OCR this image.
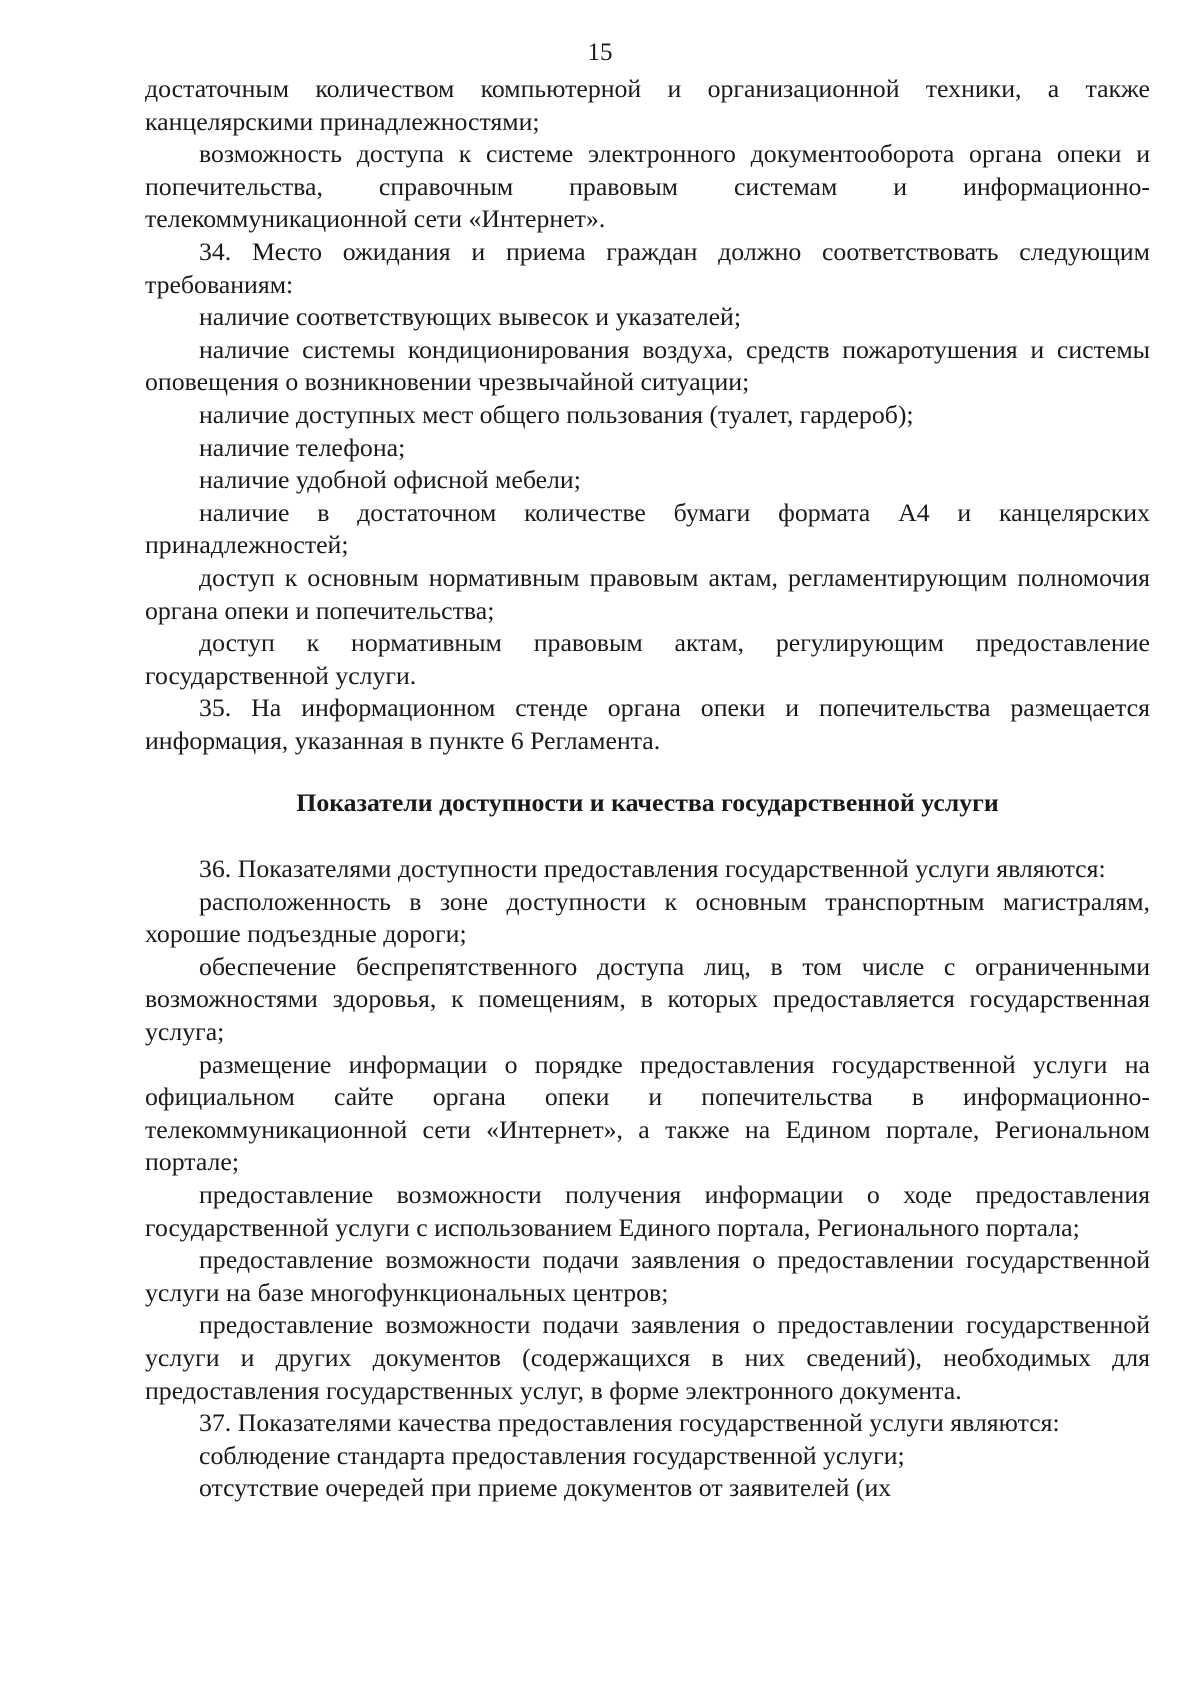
15

достаточным количеством компьютерной и организационной техники, а также канцелярскими принадлежностями;

возможность доступа к системе электронного документооборота органа опеки и попечительства, справочным правовым системам и информационно-телекоммуникационной сети «Интернет».

34. Место ожидания и приема граждан должно соответствовать следующим требованиям:

наличие соответствующих вывесок и указателей;

наличие системы кондиционирования воздуха, средств пожаротушения и системы оповещения о возникновении чрезвычайной ситуации;

наличие доступных мест общего пользования (туалет, гардероб);

наличие телефона;

наличие удобной офисной мебели;

наличие в достаточном количестве бумаги формата А4 и канцелярских принадлежностей;

доступ к основным нормативным правовым актам, регламентирующим полномочия органа опеки и попечительства;

доступ к нормативным правовым актам, регулирующим предоставление государственной услуги.

35. На информационном стенде органа опеки и попечительства размещается информация, указанная в пункте 6 Регламента.

Показатели доступности и качества государственной услуги

36. Показателями доступности предоставления государственной услуги являются:

расположенность в зоне доступности к основным транспортным магистралям, хорошие подъездные дороги;

обеспечение беспрепятственного доступа лиц, в том числе с ограниченными возможностями здоровья, к помещениям, в которых предоставляется государственная услуга;

размещение информации о порядке предоставления государственной услуги на официальном сайте органа опеки и попечительства в информационно-телекоммуникационной сети «Интернет», а также на Едином портале, Региональном портале;

предоставление возможности получения информации о ходе предоставления государственной услуги с использованием Единого портала, Регионального портала;

предоставление возможности подачи заявления о предоставлении государственной услуги на базе многофункциональных центров;

предоставление возможности подачи заявления о предоставлении государственной услуги и других документов (содержащихся в них сведений), необходимых для предоставления государственных услуг, в форме электронного документа.

37. Показателями качества предоставления государственной услуги являются:

соблюдение стандарта предоставления государственной услуги;

отсутствие очередей при приеме документов от заявителей (их
